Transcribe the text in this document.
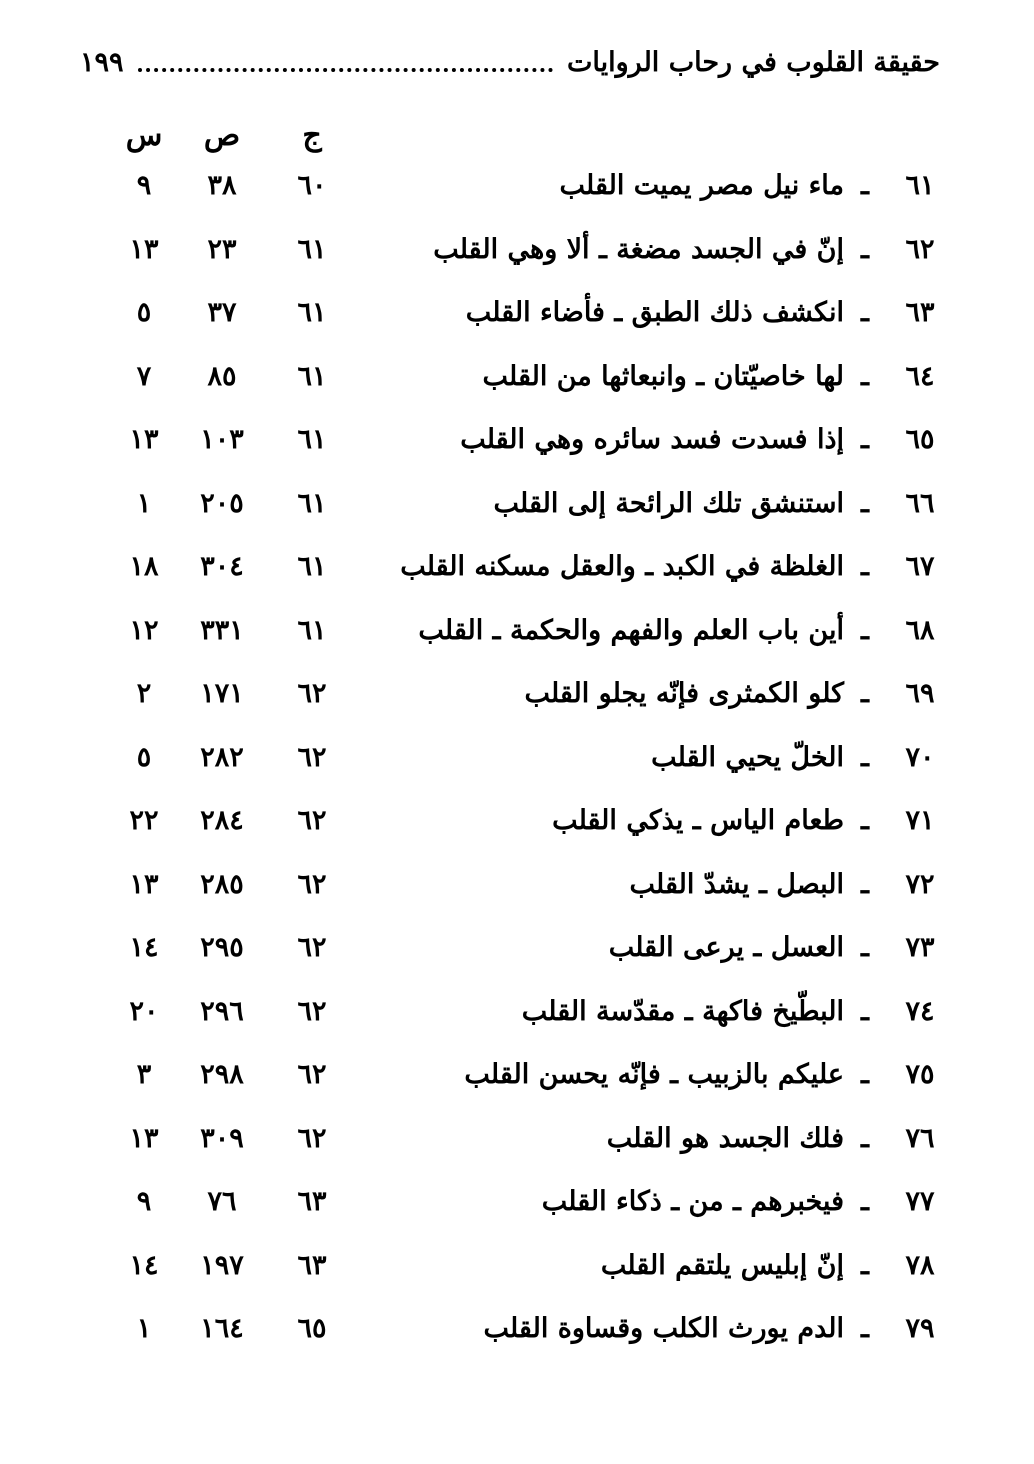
حقيقة القلوب في رحاب الروايات
١٩٩
ج
ص
س
٦١
ـ
ماء نيل مصر يميت القلب
٦٠
٣٨
٩
٦٢
ـ
إنّ في الجسد مضغة ـ ألا وهي القلب
٦١
٢٣
١٣
٦٣
ـ
انكشف ذلك الطبق ـ فأضاء القلب
٦١
٣٧
٥
٦٤
ـ
لها خاصيّتان ـ وانبعاثها من القلب
٦١
٨٥
٧
٦٥
ـ
إذا فسدت فسد سائره وهي القلب
٦١
١٠٣
١٣
٦٦
ـ
استنشق تلك الرائحة إلى القلب
٦١
٢٠٥
١
٦٧
ـ
الغلظة في الكبد ـ والعقل مسكنه القلب
٦١
٣٠٤
١٨
٦٨
ـ
أين باب العلم والفهم والحكمة ـ القلب
٦١
٣٣١
١٢
٦٩
ـ
كلو الكمثرى فإنّه يجلو القلب
٦٢
١٧١
٢
٧٠
ـ
الخلّ يحيي القلب
٦٢
٢٨٢
٥
٧١
ـ
طعام الياس ـ يذكي القلب
٦٢
٢٨٤
٢٢
٧٢
ـ
البصل ـ يشدّ القلب
٦٢
٢٨٥
١٣
٧٣
ـ
العسل ـ يرعى القلب
٦٢
٢٩٥
١٤
٧٤
ـ
البطّيخ فاكهة ـ مقدّسة القلب
٦٢
٢٩٦
٢٠
٧٥
ـ
عليكم بالزبيب ـ فإنّه يحسن القلب
٦٢
٢٩٨
٣
٧٦
ـ
فلك الجسد هو القلب
٦٢
٣٠٩
١٣
٧٧
ـ
فيخبرهم ـ من ـ ذكاء القلب
٦٣
٧٦
٩
٧٨
ـ
إنّ إبليس يلتقم القلب
٦٣
١٩٧
١٤
٧٩
ـ
الدم يورث الكلب وقساوة القلب
٦٥
١٦٤
١
